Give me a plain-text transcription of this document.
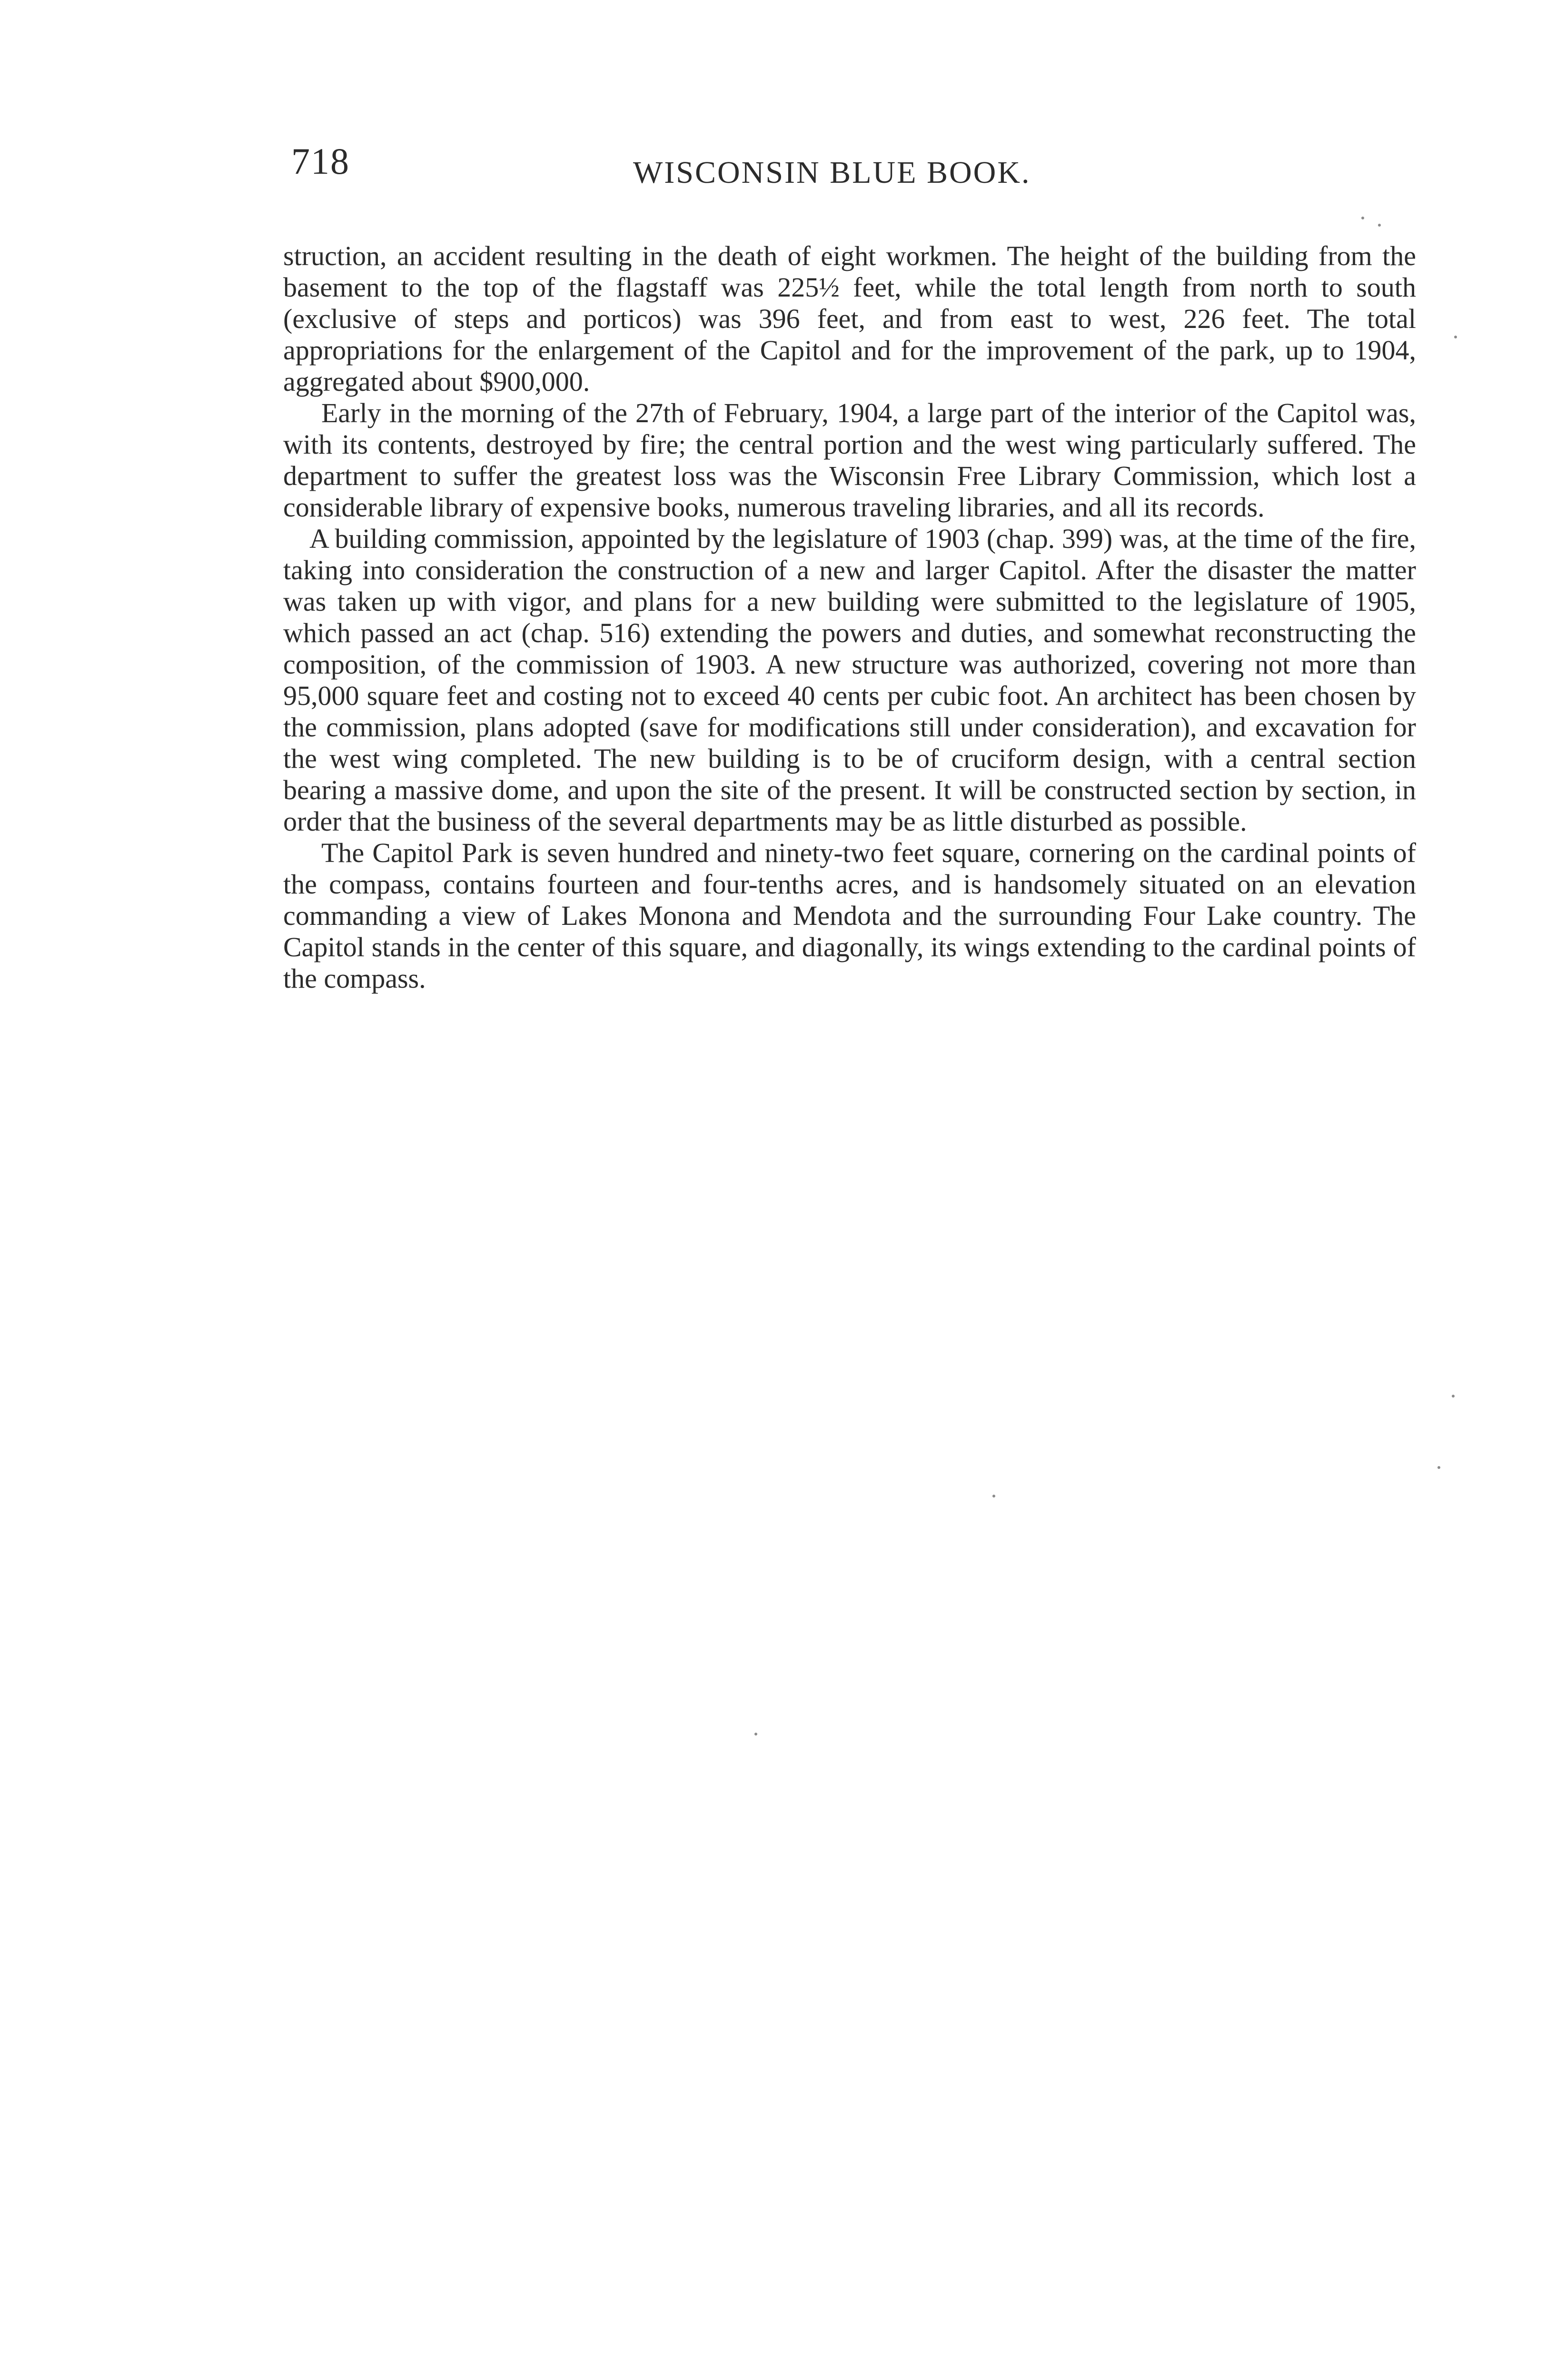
718	WISCONSIN BLUE BOOK.

struction, an accident resulting in the death of eight workmen. The height of the building from the basement to the top of the flagstaff was 225½ feet, while the total length from north to south (exclusive of steps and porticos) was 396 feet, and from east to west, 226 feet. The total appropriations for the enlargement of the Capitol and for the improvement of the park, up to 1904, aggregated about $900,000.

Early in the morning of the 27th of February, 1904, a large part of the interior of the Capitol was, with its contents, destroyed by fire; the central portion and the west wing particularly suffered. The department to suffer the greatest loss was the Wisconsin Free Library Commission, which lost a considerable library of expensive books, numerous traveling libraries, and all its records.

A building commission, appointed by the legislature of 1903 (chap. 399) was, at the time of the fire, taking into consideration the construction of a new and larger Capitol. After the disaster the matter was taken up with vigor, and plans for a new building were submitted to the legislature of 1905, which passed an act (chap. 516) extending the powers and duties, and somewhat reconstructing the composition, of the commission of 1903. A new structure was authorized, covering not more than 95,000 square feet and costing not to exceed 40 cents per cubic foot. An architect has been chosen by the commission, plans adopted (save for modifications still under consideration), and excavation for the west wing completed. The new building is to be of cruciform design, with a central section bearing a massive dome, and upon the site of the present. It will be constructed section by section, in order that the business of the several departments may be as little disturbed as possible.

The Capitol Park is seven hundred and ninety-two feet square, cornering on the cardinal points of the compass, contains fourteen and four-tenths acres, and is handsomely situated on an elevation commanding a view of Lakes Monona and Mendota and the surrounding Four Lake country. The Capitol stands in the center of this square, and diagonally, its wings extending to the cardinal points of the compass.
